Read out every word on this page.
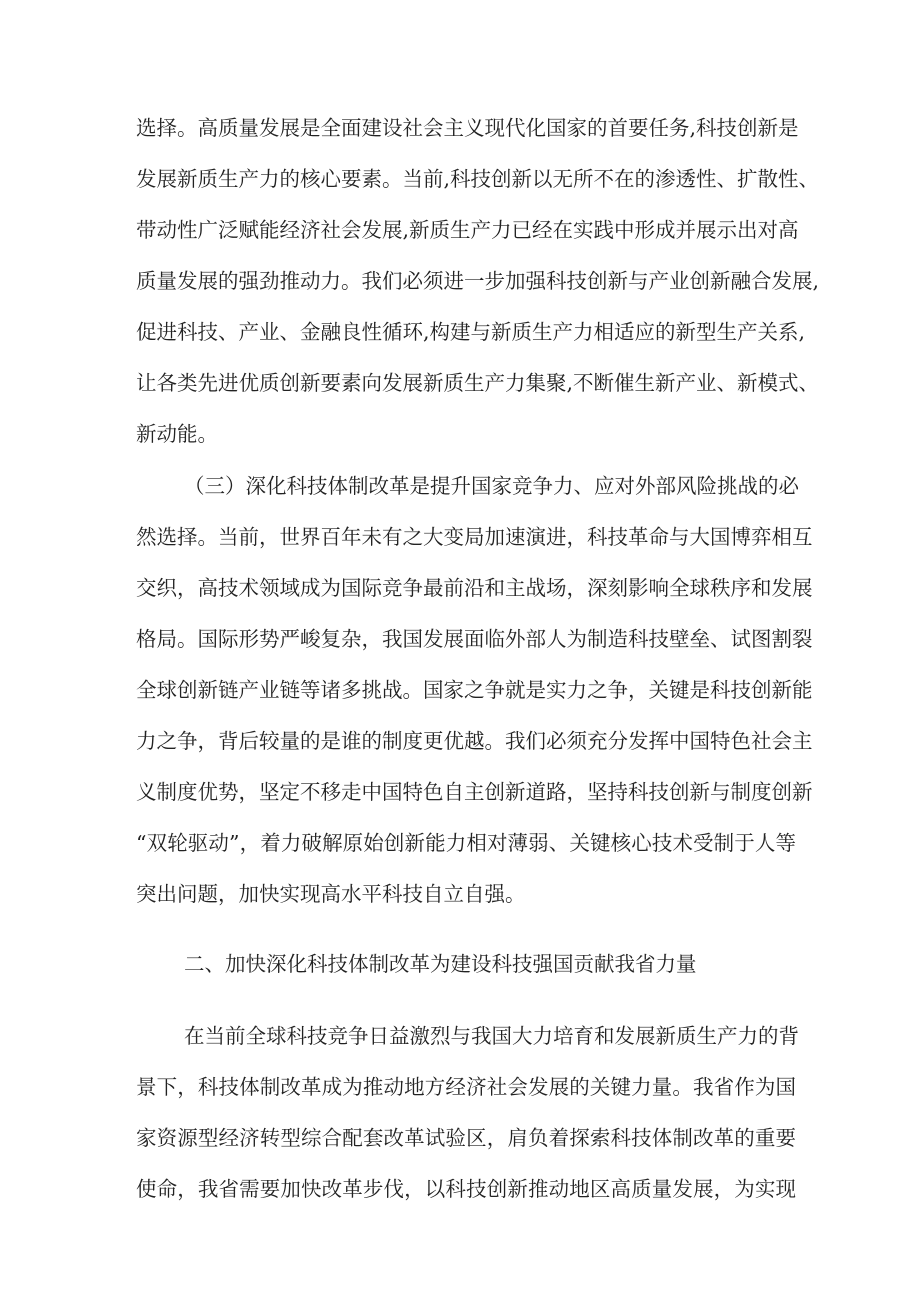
选择。高质量发展是全面建设社会主义现代化国家的首要任务,科技创新是
发展新质生产力的核心要素。当前,科技创新以无所不在的渗透性、扩散性、
带动性广泛赋能经济社会发展,新质生产力已经在实践中形成并展示出对高
质量发展的强劲推动力。我们必须进一步加强科技创新与产业创新融合发展,
促进科技、产业、金融良性循环,构建与新质生产力相适应的新型生产关系,
让各类先进优质创新要素向发展新质生产力集聚,不断催生新产业、新模式、
新动能。
（三）深化科技体制改革是提升国家竞争力、应对外部风险挑战的必
然选择。当前，世界百年未有之大变局加速演进，科技革命与大国博弈相互
交织，高技术领域成为国际竞争最前沿和主战场，深刻影响全球秩序和发展
格局。国际形势严峻复杂，我国发展面临外部人为制造科技壁垒、试图割裂
全球创新链产业链等诸多挑战。国家之争就是实力之争，关键是科技创新能
力之争，背后较量的是谁的制度更优越。我们必须充分发挥中国特色社会主
义制度优势，坚定不移走中国特色自主创新道路，坚持科技创新与制度创新
“双轮驱动”，着力破解原始创新能力相对薄弱、关键核心技术受制于人等
突出问题，加快实现高水平科技自立自强。
二、加快深化科技体制改革为建设科技强国贡献我省力量
在当前全球科技竞争日益激烈与我国大力培育和发展新质生产力的背
景下，科技体制改革成为推动地方经济社会发展的关键力量。我省作为国
家资源型经济转型综合配套改革试验区，肩负着探索科技体制改革的重要
使命，我省需要加快改革步伐，以科技创新推动地区高质量发展，为实现
